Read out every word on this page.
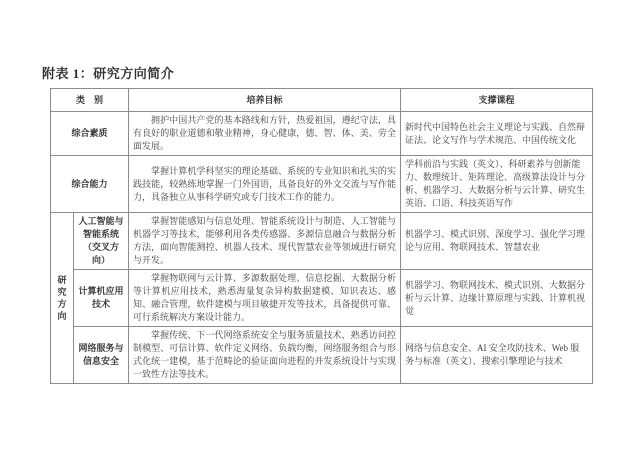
附表 1：研究方向简介
类　别		培养目标	支撑课程
综合素质		拥护中国共产党的基本路线和方针，热爱祖国，遵纪守法，具有良好的职业道德和敬业精神，身心健康，德、智、体、美、劳全面发展。	新时代中国特色社会主义理论与实践、自然辩证法、论文写作与学术规范、中国传统文化
综合能力		掌握计算机学科坚实的理论基础、系统的专业知识和扎实的实践技能，较熟练地掌握一门外国语，具备良好的外文交流与写作能力，具备独立从事科学研究或专门技术工作的能力。	学科前沿与实践（英文）、科研素养与创新能力、数理统计、矩阵理论、高级算法设计与分析、机器学习、大数据分析与云计算、研究生英语、口语、科技英语写作
研究方向	人工智能与智能系统（交叉方向）	掌握智能感知与信息处理、智能系统设计与制造、人工智能与机器学习等技术，能够利用各类传感器、多源信息融合与数据分析方法，面向智能测控、机器人技术、现代智慧农业等领域进行研究与开发。	机器学习、模式识别、深度学习、强化学习理论与应用、物联网技术、智慧农业
	计算机应用技术	掌握物联网与云计算、多源数据处理、信息挖掘、大数据分析等计算机应用技术，熟悉海量复杂异构数据建模、知识表达、感知、融合管理，软件建模与项目敏捷开发等技术，具备提供可靠、可行系统解决方案设计能力。	机器学习、物联网技术、模式识别、大数据分析与云计算、边缘计算原理与实践、计算机视觉
	网络服务与信息安全	掌握传统、下一代网络系统安全与服务质量技术，熟悉访问控制模型、可信计算、软件定义网络、负载均衡，网络服务组合与形式化统一建模，基于范畴论的验证面向进程的并发系统设计与实现一致性方法等技术。	网络与信息安全、AI 安全攻防技术、Web 服务与标准（英文）、搜索引擎理论与技术
